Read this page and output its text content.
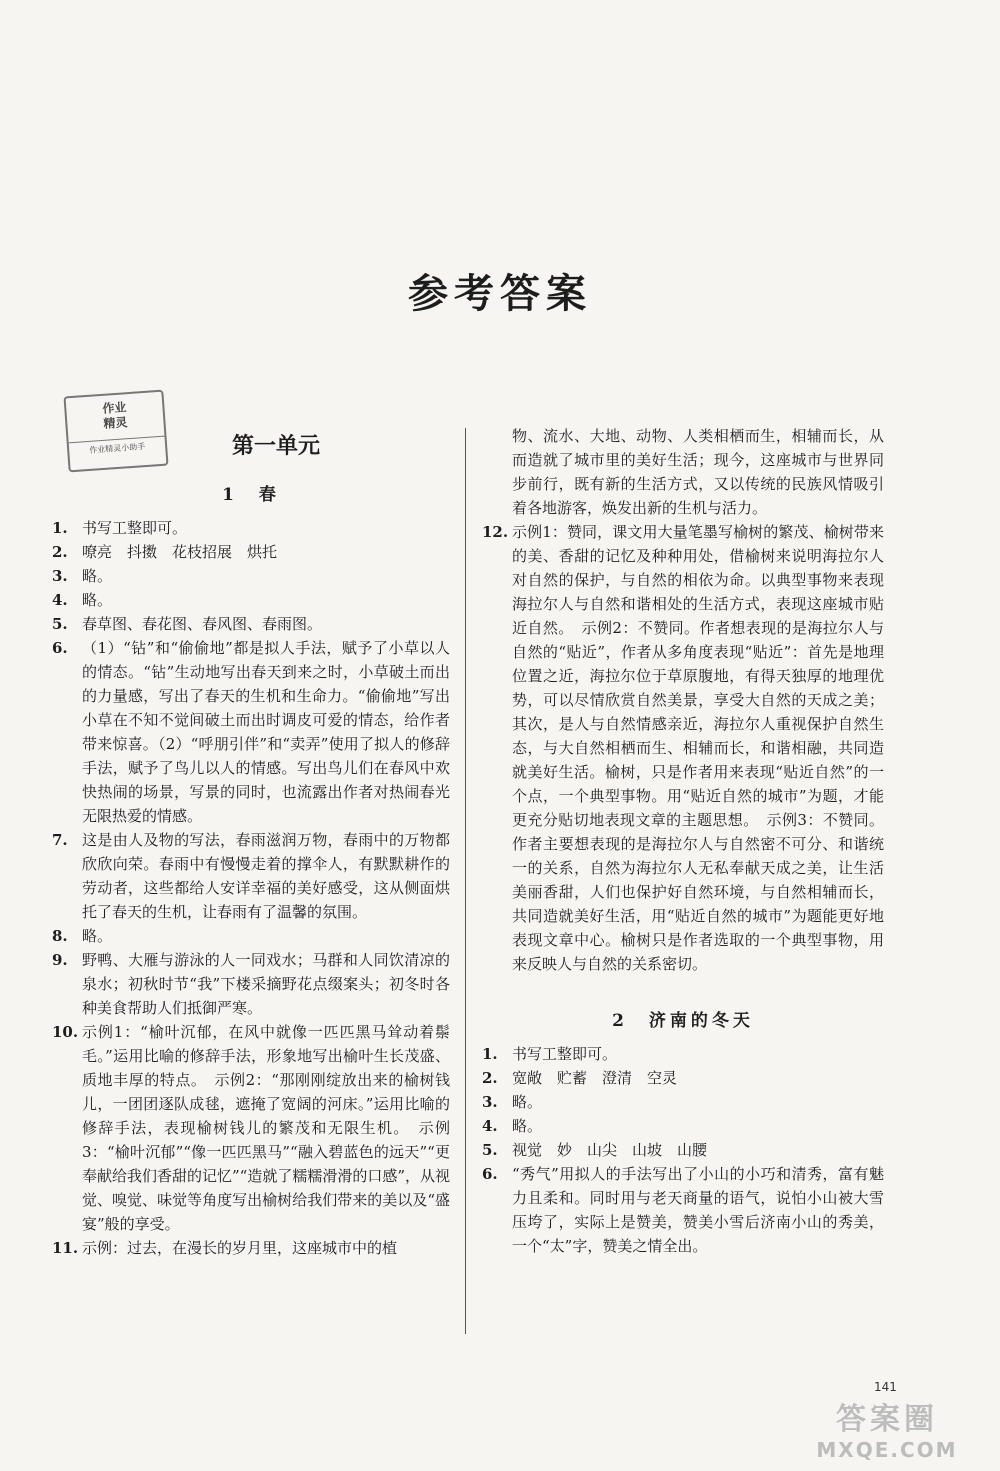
参考答案
作业
精灵
作业精灵小助手	第一单元
1　春
1. 书写工整即可。
2. 嘹亮　抖擞　花枝招展　烘托
3. 略。
4. 略。
5. 春草图、春花图、春风图、春雨图。
6. （1）“钻”和“偷偷地”都是拟人手法，赋予了小草以人的情态。“钻”生动地写出春天到来之时，小草破土而出的力量感，写出了春天的生机和生命力。“偷偷地”写出小草在不知不觉间破土而出时调皮可爱的情态，给作者带来惊喜。（2）“呼朋引伴”和“卖弄”使用了拟人的修辞手法，赋予了鸟儿以人的情感。写出鸟儿们在春风中欢快热闹的场景，写景的同时，也流露出作者对热闹春光无限热爱的情感。
7. 这是由人及物的写法，春雨滋润万物，春雨中的万物都欣欣向荣。春雨中有慢慢走着的撑伞人，有默默耕作的劳动者，这些都给人安详幸福的美好感受，这从侧面烘托了春天的生机，让春雨有了温馨的氛围。
8. 略。
9. 野鸭、大雁与游泳的人一同戏水；马群和人同饮清凉的泉水；初秋时节“我”下楼采摘野花点缀案头；初冬时各种美食帮助人们抵御严寒。
10. 示例1：“榆叶沉郁，在风中就像一匹匹黑马耸动着鬃毛。”运用比喻的修辞手法，形象地写出榆叶生长茂盛、质地丰厚的特点。　示例2：“那刚刚绽放出来的榆树钱儿，一团团逐队成毬，遮掩了宽阔的河床。”运用比喻的修辞手法，表现榆树钱儿的繁茂和无限生机。　示例3：“榆叶沉郁”“像一匹匹黑马”“融入碧蓝色的远天”“更奉献给我们香甜的记忆”“造就了糯糯滑滑的口感”，从视觉、嗅觉、味觉等角度写出榆树给我们带来的美以及“盛宴”般的享受。
11. 示例：过去，在漫长的岁月里，这座城市中的植
物、流水、大地、动物、人类相栖而生，相辅而长，从而造就了城市里的美好生活；现今，这座城市与世界同步前行，既有新的生活方式，又以传统的民族风情吸引着各地游客，焕发出新的生机与活力。
12. 示例1：赞同，课文用大量笔墨写榆树的繁茂、榆树带来的美、香甜的记忆及种种用处，借榆树来说明海拉尔人对自然的保护，与自然的相依为命。以典型事物来表现海拉尔人与自然和谐相处的生活方式，表现这座城市贴近自然。　示例2：不赞同。作者想表现的是海拉尔人与自然的“贴近”，作者从多角度表现“贴近”：首先是地理位置之近，海拉尔位于草原腹地，有得天独厚的地理优势，可以尽情欣赏自然美景，享受大自然的天成之美；其次，是人与自然情感亲近，海拉尔人重视保护自然生态，与大自然相栖而生、相辅而长，和谐相融，共同造就美好生活。榆树，只是作者用来表现“贴近自然”的一个点，一个典型事物。用“贴近自然的城市”为题，才能更充分贴切地表现文章的主题思想。　示例3：不赞同。作者主要想表现的是海拉尔人与自然密不可分、和谐统一的关系，自然为海拉尔人无私奉献天成之美，让生活美丽香甜，人们也保护好自然环境，与自然相辅而长，共同造就美好生活，用“贴近自然的城市”为题能更好地表现文章中心。榆树只是作者选取的一个典型事物，用来反映人与自然的关系密切。
2　济南的冬天
1. 书写工整即可。
2. 宽敞　贮蓄　澄清　空灵
3. 略。
4. 略。
5. 视觉　妙　山尖　山坡　山腰
6. “秀气”用拟人的手法写出了小山的小巧和清秀，富有魅力且柔和。同时用与老天商量的语气，说怕小山被大雪压垮了，实际上是赞美，赞美小雪后济南小山的秀美，一个“太”字，赞美之情全出。
141
答案圈
MXQE.COM
